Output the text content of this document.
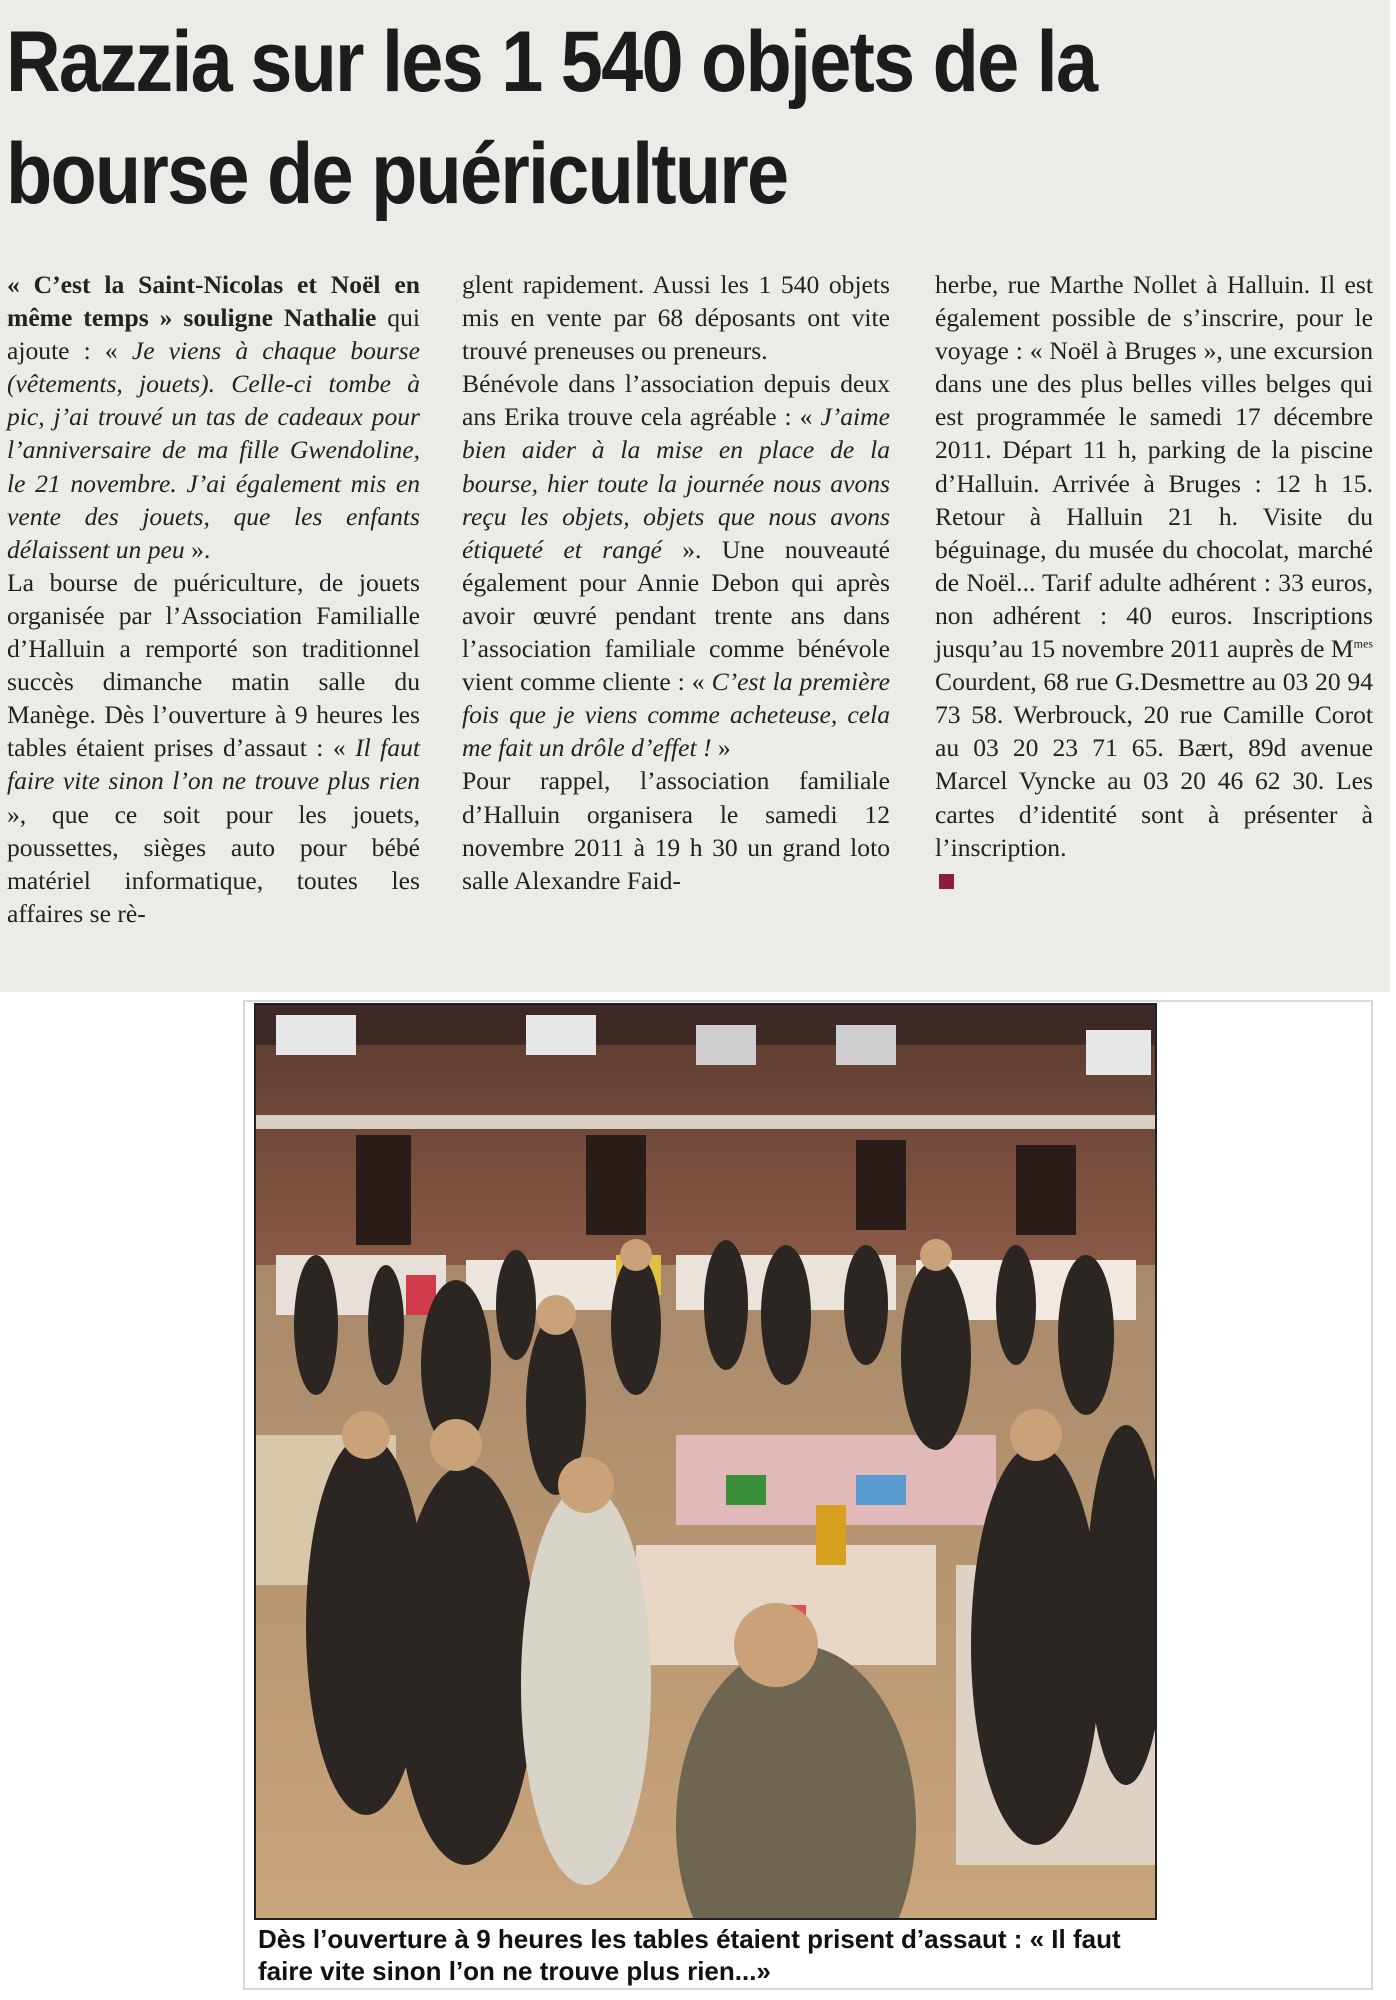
Razzia sur les 1 540 objets de la bourse de puériculture

« C’est la Saint-Nicolas et Noël en même temps » souligne Nathalie qui ajoute : « Je viens à chaque bourse (vêtements, jouets). Celle-ci tombe à pic, j’ai trouvé un tas de cadeaux pour l’anniversaire de ma fille Gwendoline, le 21 novembre. J’ai également mis en vente des jouets, que les enfants délaissent un peu ».

La bourse de puériculture, de jouets organisée par l’Association Familialle d’Halluin a remporté son traditionnel succès dimanche matin salle du Manège. Dès l’ouverture à 9 heures les tables étaient prises d’assaut : « Il faut faire vite sinon l’on ne trouve plus rien », que ce soit pour les jouets, poussettes, sièges auto pour bébé matériel informatique, toutes les affaires se rè-

glent rapidement. Aussi les 1 540 objets mis en vente par 68 déposants ont vite trouvé preneuses ou preneurs.

Bénévole dans l’association depuis deux ans Erika trouve cela agréable : « J’aime bien aider à la mise en place de la bourse, hier toute la journée nous avons reçu les objets, objets que nous avons étiqueté et rangé ». Une nouveauté également pour Annie Debon qui après avoir œuvré pendant trente ans dans l’association familiale comme bénévole vient comme cliente : « C’est la première fois que je viens comme acheteuse, cela me fait un drôle d’effet ! »

Pour rappel, l’association familiale d’Halluin organisera le samedi 12 novembre 2011 à 19 h 30 un grand loto salle Alexandre Faid-

herbe, rue Marthe Nollet à Halluin. Il est également possible de s’inscrire, pour le voyage : « Noël à Bruges », une excursion dans une des plus belles villes belges qui est programmée le samedi 17 décembre 2011. Départ 11 h, parking de la piscine d’Halluin. Arrivée à Bruges : 12 h 15. Retour à Halluin 21 h. Visite du béguinage, du musée du chocolat, marché de Noël... Tarif adulte adhérent : 33 euros, non adhérent : 40 euros. Inscriptions jusqu’au 15 novembre 2011 auprès de $M^{mes}$ Courdent, 68 rue G.Desmettre au 03 20 94 73 58. Werbrouck, 20 rue Camille Corot au 03 20 23 71 65. Bært, 89d avenue Marcel Vyncke au 03 20 46 62 30. Les cartes d’identité sont à présenter à l’inscription.

Dès l’ouverture à 9 heures les tables étaient prisent d’assaut : « Il faut faire vite sinon l’on ne trouve plus rien...»
